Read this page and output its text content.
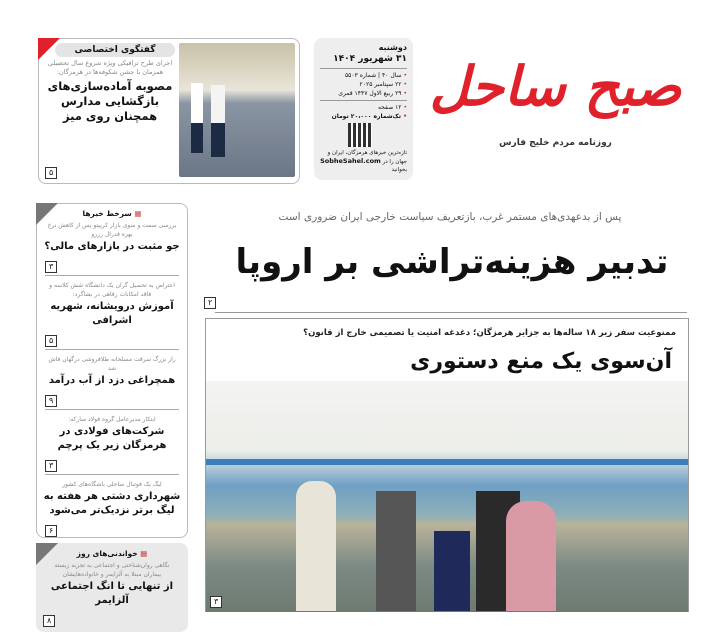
گفتگوی اختصاصی
اجرای طرح ترافیکی ویژه شروع سال تحصیلی همزمان با جشن شکوفه‌ها در هرمزگان:
مصوبه آماده‌سازی‌های بازگشایی مدارس همچنان روی میز
۵
دوشنبه
۳۱ شهریور ۱۴۰۴
• سال ۴۰ | شماره ۵۵۰۳
• ۲۲ سپتامبر ۲۰۲۵
• ۲۹ ربیع الاول ۱۴۴۷ قمری
• ۱۲ صفحه
• تک‌شماره ۲۰،۰۰۰ تومان
تازه‌ترین خبرهای هرمزگان، ایران و جهان را در SobheSahel.com بخوانید
صبح ساحل
روزنامه مردم خلیج فارس
▦ سرخط خبرها
بررسی سمت و سوی بازار کریپتو پس از کاهش نرخ بهره فدرال رزرو
جو مثبت در بازارهای مالی؟
۳
اعتراض به تحصیل گران یک دانشگاه شش کلاسه و فاقد امکانات رفاهی در بشاگرد:
آموزش درویشانه، شهریه اشرافی
۵
راز بزرگ سرقت مسلحانه طلافروشی درگهان فاش شد
همچراغی دزد از آب درآمد
۹
ابتکار مدیرعامل گروه فولاد مبارکه:
شرکت‌های فولادی در هرمزگان زیر یک پرچم
۳
لیگ یک فوتبال ساحلی باشگاه‌های کشور
شهرداری دشتی هر هفته به لیگ برتر نزدیک‌تر می‌شود
۶
▦ خواندنی‌های روز
نگاهی روان‌شناختی و اجتماعی به تجربه زیسته بیماران مبتلا به آلزایمر و خانواده‌هایشان
از تنهایی تا انگ اجتماعی آلزایمر
۸
پس از بدعهدی‌های مستمر غرب، بازتعریف سیاست خارجی ایران ضروری است
تدبیر هزینه‌تراشی بر اروپا
۲
ممنوعیت سفر زیر ۱۸ ساله‌ها به جزایر هرمزگان؛ دغدغه امنیت یا تصمیمی خارج از قانون؟
آن‌سوی یک منع دستوری
۳
